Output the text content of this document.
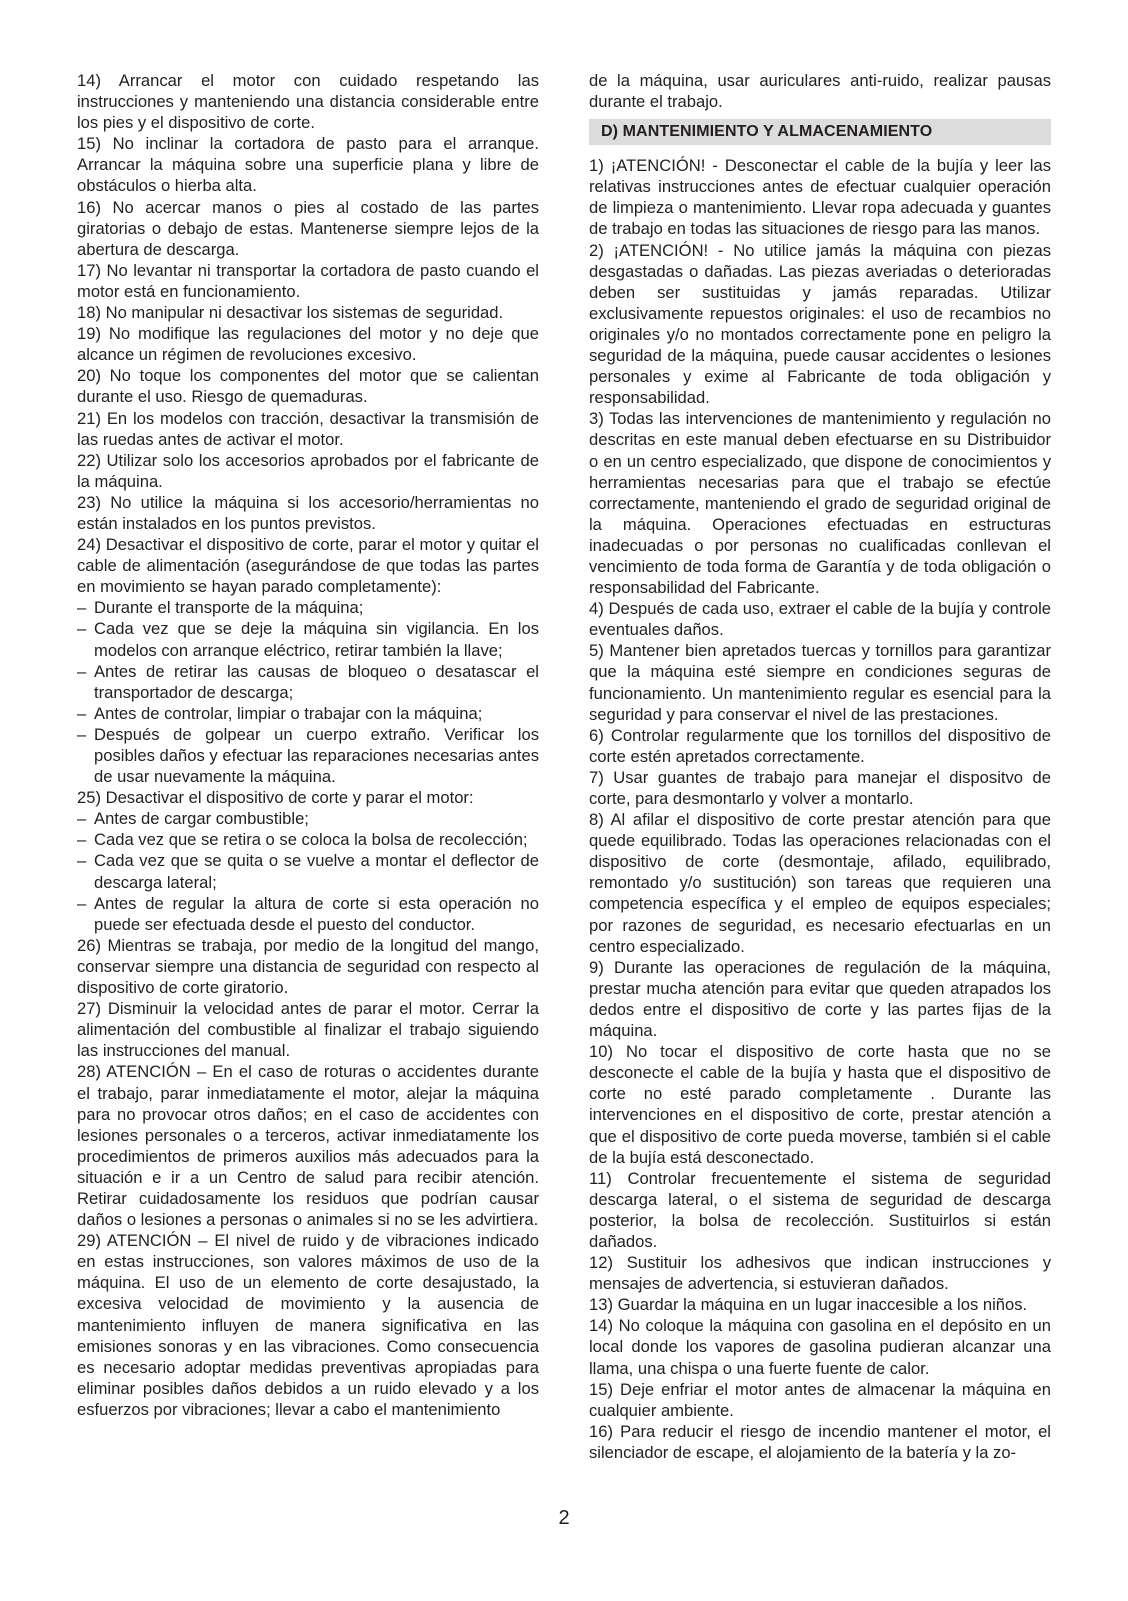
14) Arrancar el motor con cuidado respetando las instrucciones y manteniendo una distancia considerable entre los pies y el dispositivo de corte.

15) No inclinar la cortadora de pasto para el arranque. Arrancar la máquina sobre una superficie plana y libre de obstáculos o hierba alta.

16) No acercar manos o pies al costado de las partes giratorias o debajo de estas. Mantenerse siempre lejos de la abertura de descarga.

17) No levantar ni transportar la cortadora de pasto cuando el motor está en funcionamiento.

18) No manipular ni desactivar los sistemas de seguridad.

19) No modifique las regulaciones del motor y no deje que alcance un régimen de revoluciones excesivo.

20) No toque los componentes del motor que se calientan durante el uso. Riesgo de quemaduras.

21) En los modelos con tracción, desactivar la transmisión de las ruedas antes de activar el motor.

22) Utilizar solo los accesorios aprobados por el fabricante de la máquina.

23) No utilice la máquina si los accesorio/herramientas no están instalados en los puntos previstos.

24) Desactivar el dispositivo de corte, parar el motor y quitar el cable de alimentación (asegurándose de que todas las partes en movimiento se hayan parado completamente):

– Durante el transporte de la máquina;
– Cada vez que se deje la máquina sin vigilancia. En los modelos con arranque eléctrico, retirar también la llave;
– Antes de retirar las causas de bloqueo o desatascar el transportador de descarga;
– Antes de controlar, limpiar o trabajar con la máquina;
– Después de golpear un cuerpo extraño. Verificar los posibles daños y efectuar las reparaciones necesarias antes de usar nuevamente la máquina.

25) Desactivar el dispositivo de corte y parar el motor:

– Antes de cargar combustible;
– Cada vez que se retira o se coloca la bolsa de recolección;
– Cada vez que se quita o se vuelve a montar el deflector de descarga lateral;
– Antes de regular la altura de corte si esta operación no puede ser efectuada desde el puesto del conductor.

26) Mientras se trabaja, por medio de la longitud del mango, conservar siempre una distancia de seguridad con respecto al dispositivo de corte giratorio.

27) Disminuir la velocidad antes de parar el motor. Cerrar la alimentación del combustible al finalizar el trabajo siguiendo las instrucciones del manual.

28) ATENCIÓN – En el caso de roturas o accidentes durante el trabajo, parar inmediatamente el motor, alejar la máquina para no provocar otros daños; en el caso de accidentes con lesiones personales o a terceros, activar inmediatamente los procedimientos de primeros auxilios más adecuados para la situación e ir a un Centro de salud para recibir atención. Retirar cuidadosamente los residuos que podrían causar daños o lesiones a personas o animales si no se les advirtiera.

29) ATENCIÓN – El nivel de ruido y de vibraciones indicado en estas instrucciones, son valores máximos de uso de la máquina. El uso de un elemento de corte desajustado, la excesiva velocidad de movimiento y la ausencia de mantenimiento influyen de manera significativa en las emisiones sonoras y en las vibraciones. Como consecuencia es necesario adoptar medidas preventivas apropiadas para eliminar posibles daños debidos a un ruido elevado y a los esfuerzos por vibraciones; llevar a cabo el mantenimiento

de la máquina, usar auriculares anti-ruido, realizar pausas durante el trabajo.

D) MANTENIMIENTO Y ALMACENAMIENTO

1) ¡ATENCIÓN! - Desconectar el cable de la bujía y leer las relativas instrucciones antes de efectuar cualquier operación de limpieza o mantenimiento. Llevar ropa adecuada y guantes de trabajo en todas las situaciones de riesgo para las manos.

2) ¡ATENCIÓN! - No utilice jamás la máquina con piezas desgastadas o dañadas. Las piezas averiadas o deterioradas deben ser sustituidas y jamás reparadas. Utilizar exclusivamente repuestos originales: el uso de recambios no originales y/o no montados correctamente pone en peligro la seguridad de la máquina, puede causar accidentes o lesiones personales y exime al Fabricante de toda obligación y responsabilidad.

3) Todas las intervenciones de mantenimiento y regulación no descritas en este manual deben efectuarse en su Distribuidor o en un centro especializado, que dispone de conocimientos y herramientas necesarias para que el trabajo se efectúe correctamente, manteniendo el grado de seguridad original de la máquina. Operaciones efectuadas en estructuras inadecuadas o por personas no cualificadas conllevan el vencimiento de toda forma de Garantía y de toda obligación o responsabilidad del Fabricante.

4) Después de cada uso, extraer el cable de la bujía y controle eventuales daños.

5) Mantener bien apretados tuercas y tornillos para garantizar que la máquina esté siempre en condiciones seguras de funcionamiento. Un mantenimiento regular es esencial para la seguridad y para conservar el nivel de las prestaciones.

6) Controlar regularmente que los tornillos del dispositivo de corte estén apretados correctamente.

7) Usar guantes de trabajo para manejar el dispositvo de corte, para desmontarlo y volver a montarlo.

8) Al afilar el dispositivo de corte prestar atención para que quede equilibrado. Todas las operaciones relacionadas con el dispositivo de corte (desmontaje, afilado, equilibrado, remontado y/o sustitución) son tareas que requieren una competencia específica y el empleo de equipos especiales; por razones de seguridad, es necesario efectuarlas en un centro especializado.

9) Durante las operaciones de regulación de la máquina, prestar mucha atención para evitar que queden atrapados los dedos entre el dispositivo de corte y las partes fijas de la máquina.

10) No tocar el dispositivo de corte hasta que no se desconecte el cable de la bujía y hasta que el dispositivo de corte no esté parado completamente . Durante las intervenciones en el dispositivo de corte, prestar atención a que el dispositivo de corte pueda moverse, también si el cable de la bujía está desconectado.

11) Controlar frecuentemente el sistema de seguridad descarga lateral, o el sistema de seguridad de descarga posterior, la bolsa de recolección. Sustituirlos si están dañados.

12) Sustituir los adhesivos que indican instrucciones y mensajes de advertencia, si estuvieran dañados.

13) Guardar la máquina en un lugar inaccesible a los niños.

14) No coloque la máquina con gasolina en el depósito en un local donde los vapores de gasolina pudieran alcanzar una llama, una chispa o una fuerte fuente de calor.

15) Deje enfriar el motor antes de almacenar la máquina en cualquier ambiente.

16) Para reducir el riesgo de incendio mantener el motor, el silenciador de escape, el alojamiento de la batería y la zo-

2
